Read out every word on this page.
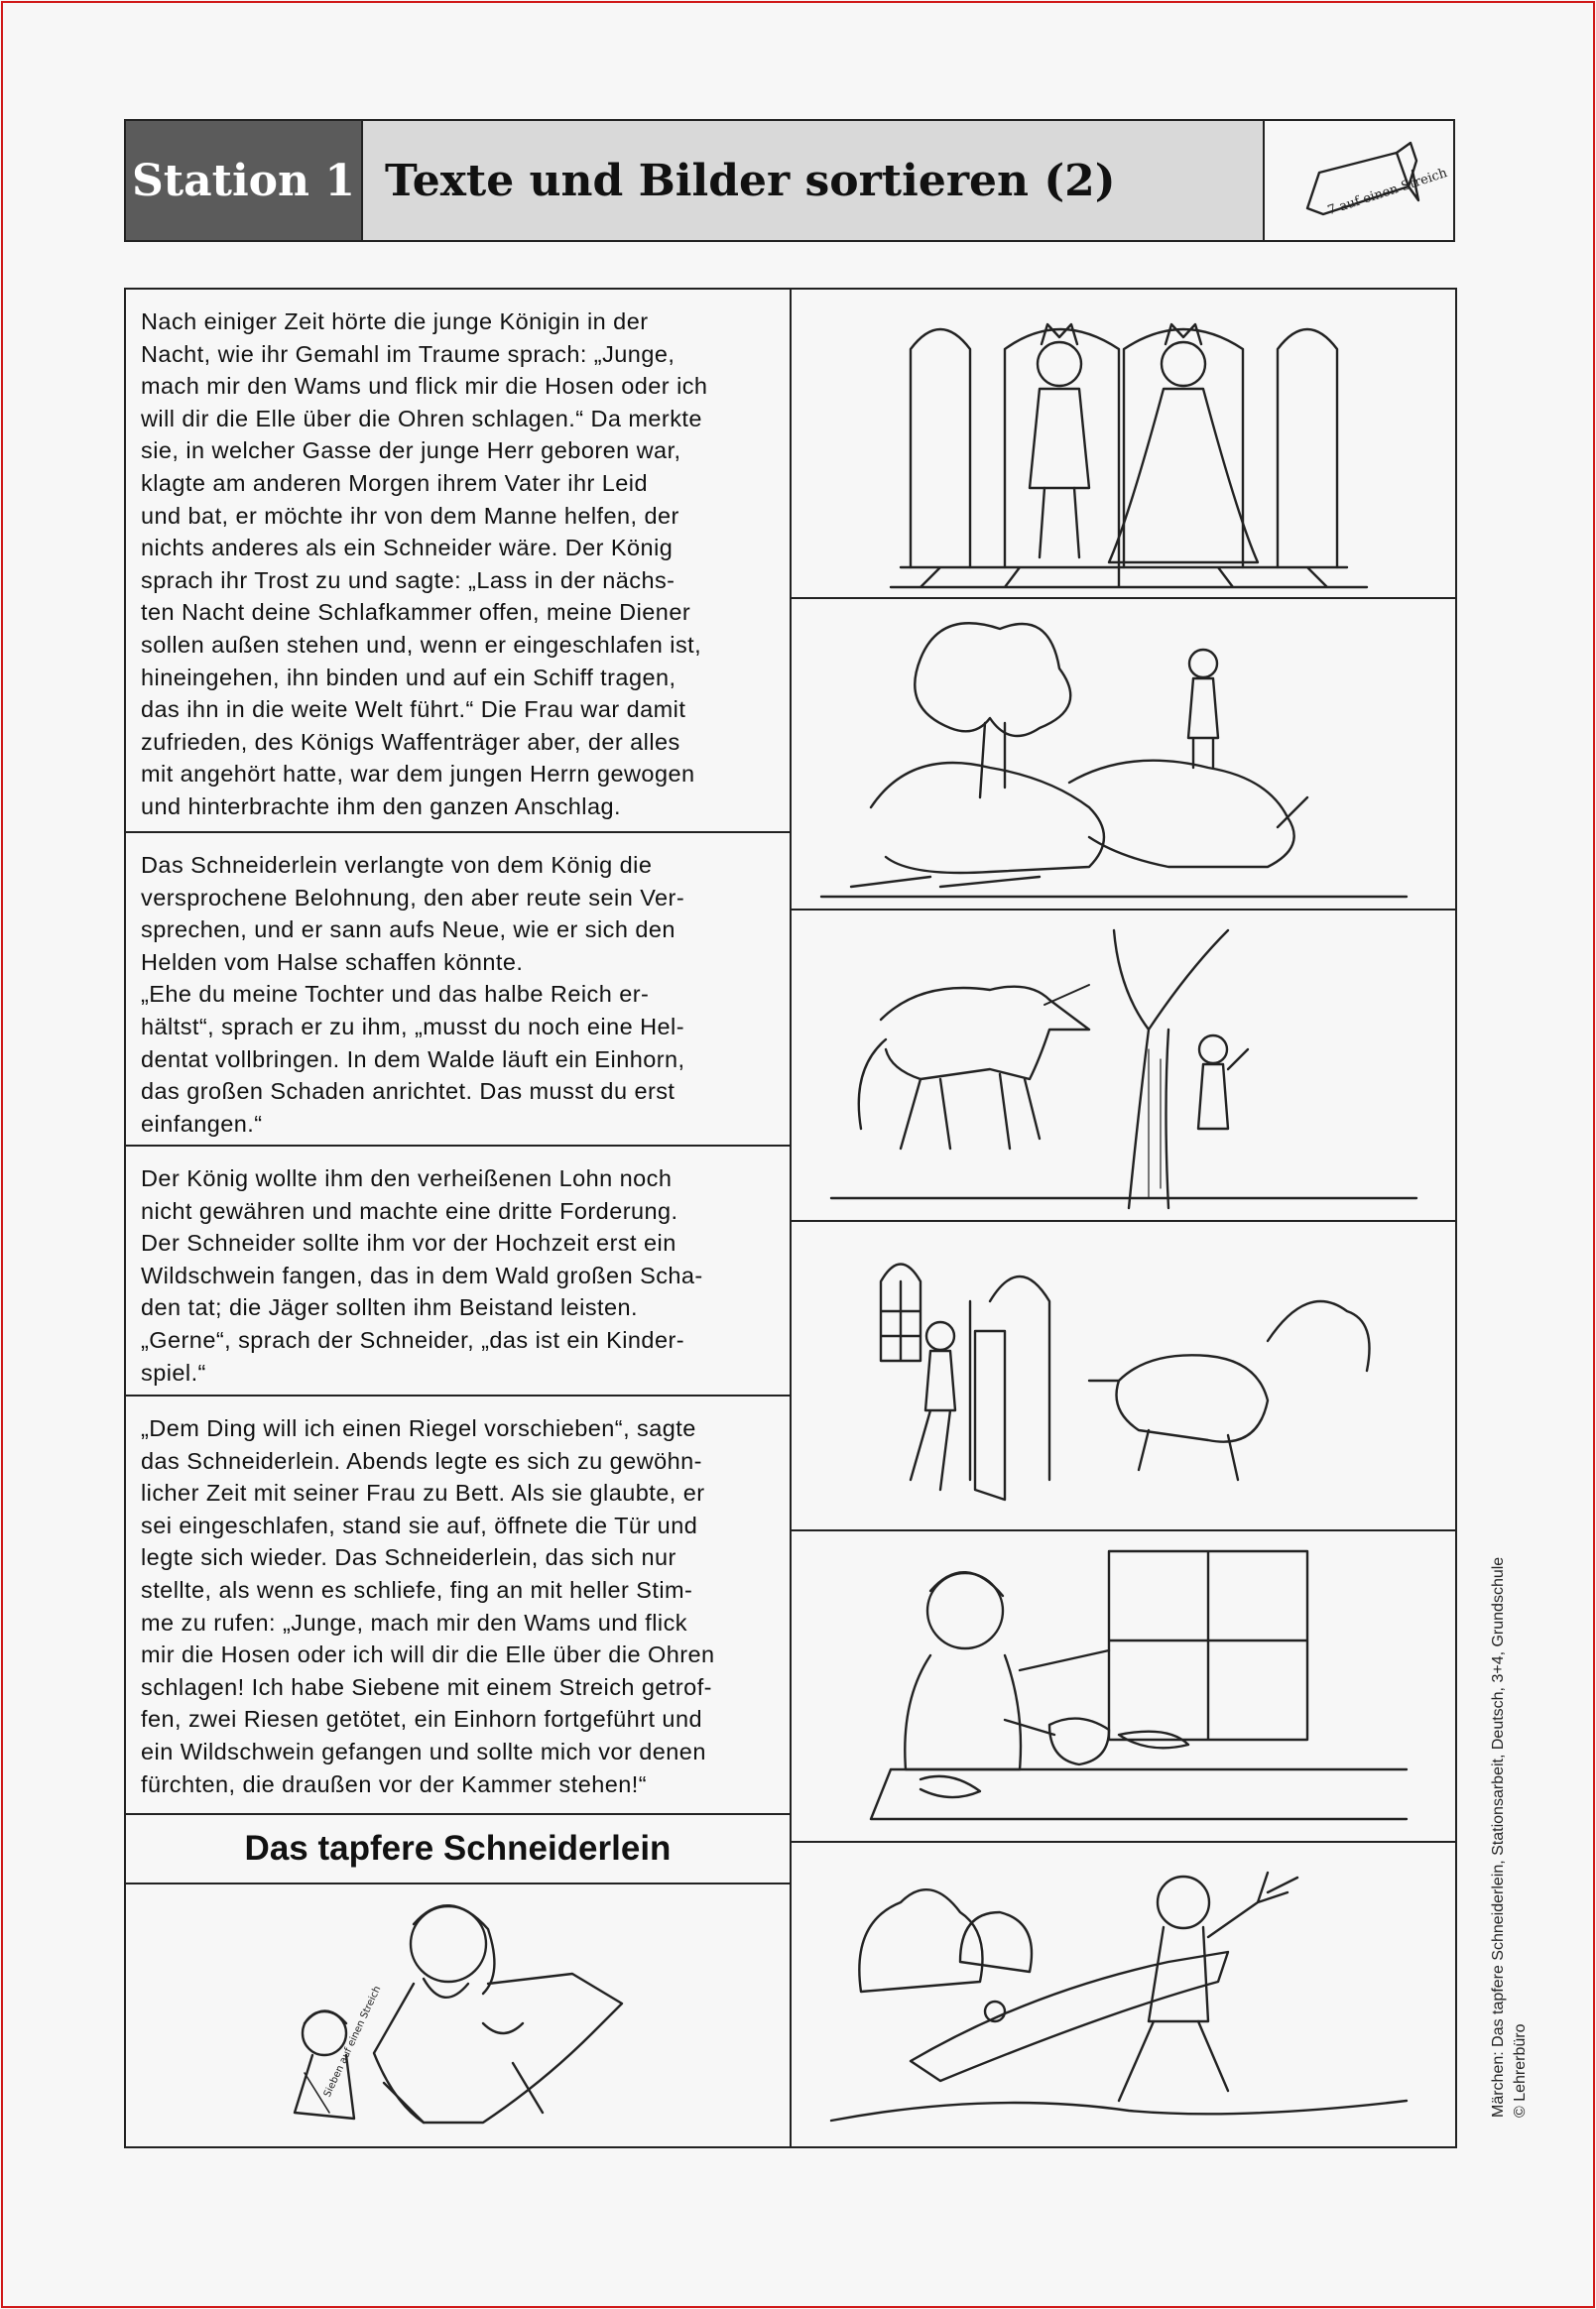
Station 1 Texte und Bilder sortieren (2)	7 auf einen Streich
Nach einiger Zeit hörte die junge Königin in der
Nacht, wie ihr Gemahl im Traume sprach: „Junge,
mach mir den Wams und flick mir die Hosen oder ich
will dir die Elle über die Ohren schlagen.“ Da merkte
sie, in welcher Gasse der junge Herr geboren war,
klagte am anderen Morgen ihrem Vater ihr Leid
und bat, er möchte ihr von dem Manne helfen, der
nichts anderes als ein Schneider wäre. Der König
sprach ihr Trost zu und sagte: „Lass in der nächs-
ten Nacht deine Schlafkammer offen, meine Diener
sollen außen stehen und, wenn er eingeschlafen ist,
hineingehen, ihn binden und auf ein Schiff tragen,
das ihn in die weite Welt führt.“ Die Frau war damit
zufrieden, des Königs Waffenträger aber, der alles
mit angehört hatte, war dem jungen Herrn gewogen
und hinterbrachte ihm den ganzen Anschlag.
Das Schneiderlein verlangte von dem König die
versprochene Belohnung, den aber reute sein Ver-
sprechen, und er sann aufs Neue, wie er sich den
Helden vom Halse schaffen könnte.
„Ehe du meine Tochter und das halbe Reich er-
hältst“, sprach er zu ihm, „musst du noch eine Hel-
dentat vollbringen. In dem Walde läuft ein Einhorn,
das großen Schaden anrichtet. Das musst du erst
einfangen.“
Der König wollte ihm den verheißenen Lohn noch
nicht gewähren und machte eine dritte Forderung.
Der Schneider sollte ihm vor der Hochzeit erst ein
Wildschwein fangen, das in dem Wald großen Scha-
den tat; die Jäger sollten ihm Beistand leisten.
„Gerne“, sprach der Schneider, „das ist ein Kinder-
spiel.“
„Dem Ding will ich einen Riegel vorschieben“, sagte
das Schneiderlein. Abends legte es sich zu gewöhn-
licher Zeit mit seiner Frau zu Bett. Als sie glaubte, er
sei eingeschlafen, stand sie auf, öffnete die Tür und
legte sich wieder. Das Schneiderlein, das sich nur
stellte, als wenn es schliefe, fing an mit heller Stim-
me zu rufen: „Junge, mach mir den Wams und flick
mir die Hosen oder ich will dir die Elle über die Ohren
schlagen! Ich habe Siebene mit einem Streich getrof-
fen, zwei Riesen getötet, ein Einhorn fortgeführt und
ein Wildschwein gefangen und sollte mich vor denen
fürchten, die draußen vor der Kammer stehen!“
Das tapfere Schneiderlein
Sieben auf einen Streich	Märchen: Das tapfere Schneiderlein, Stationsarbeit, Deutsch, 3+4, Grundschule © Lehrerbüro
